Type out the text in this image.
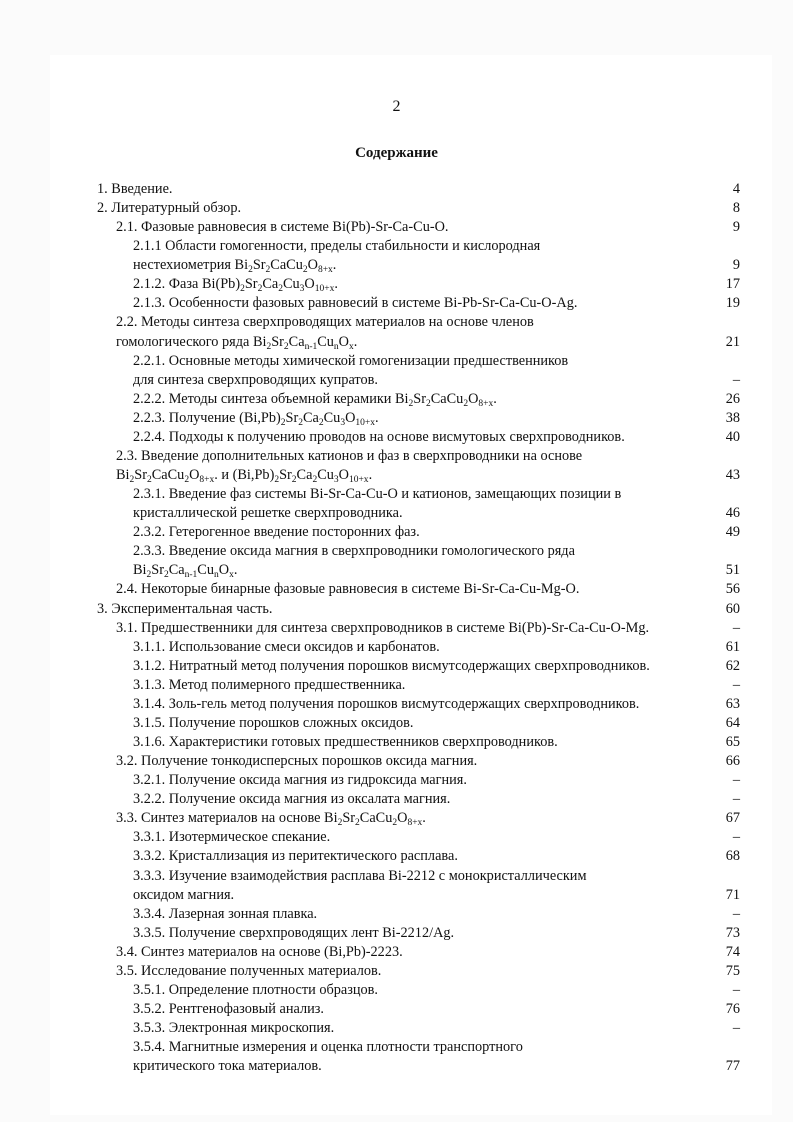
2
Содержание
1. Введение.	4
2. Литературный обзор.	8
2.1. Фазовые равновесия в системе Bi(Pb)-Sr-Ca-Cu-O.	9
2.1.1 Области гомогенности, пределы стабильности и кислородная
нестехиометрия $Bi_2Sr_2CaCu_2O_{8+x}$.	9
2.1.2. Фаза $Bi(Pb)_2Sr_2Ca_2Cu_3O_{10+x}$.	17
2.1.3. Особенности фазовых равновесий в системе Bi-Pb-Sr-Ca-Cu-O-Ag.	19
2.2. Методы синтеза сверхпроводящих материалов на основе членов
гомологического ряда $Bi_2Sr_2Ca_{n-1}Cu_nO_x$.	21
2.2.1. Основные методы химической гомогенизации предшественников
для синтеза сверхпроводящих купратов.	–
2.2.2. Методы синтеза объемной керамики $Bi_2Sr_2CaCu_2O_{8+x}$.	26
2.2.3. Получение $(Bi,Pb)_2Sr_2Ca_2Cu_3O_{10+x}$.	38
2.2.4. Подходы к получению проводов на основе висмутовых сверхпроводников.	40
2.3. Введение дополнительных катионов и фаз в сверхпроводники на основе
$Bi_2Sr_2CaCu_2O_{8+x}$. и $(Bi,Pb)_2Sr_2Ca_2Cu_3O_{10+x}$.	43
2.3.1. Введение фаз системы Bi-Sr-Ca-Cu-O и катионов, замещающих позиции в
кристаллической решетке сверхпроводника.	46
2.3.2. Гетерогенное введение посторонних фаз.	49
2.3.3. Введение оксида магния в сверхпроводники гомологического ряда
$Bi_2Sr_2Ca_{n-1}Cu_nO_x$.	51
2.4. Некоторые бинарные фазовые равновесия в системе Bi-Sr-Ca-Cu-Mg-O.	56
3. Экспериментальная часть.	60
3.1. Предшественники для синтеза сверхпроводников в системе Bi(Pb)-Sr-Ca-Cu-O-Mg.	–
3.1.1. Использование смеси оксидов и карбонатов.	61
3.1.2. Нитратный метод получения порошков висмутсодержащих сверхпроводников.	62
3.1.3. Метод полимерного предшественника.	–
3.1.4. Золь-гель метод получения порошков висмутсодержащих сверхпроводников.	63
3.1.5. Получение порошков сложных оксидов.	64
3.1.6. Характеристики готовых предшественников сверхпроводников.	65
3.2. Получение тонкодисперсных порошков оксида магния.	66
3.2.1. Получение оксида магния из гидроксида магния.	–
3.2.2. Получение оксида магния из оксалата магния.	–
3.3. Синтез материалов на основе $Bi_2Sr_2CaCu_2O_{8+x}$.	67
3.3.1. Изотермическое спекание.	–
3.3.2. Кристаллизация из перитектического расплава.	68
3.3.3. Изучение взаимодействия расплава Bi-2212 с монокристаллическим
оксидом магния.	71
3.3.4. Лазерная зонная плавка.	–
3.3.5. Получение сверхпроводящих лент Bi-2212/Ag.	73
3.4. Синтез материалов на основе (Bi,Pb)-2223.	74
3.5. Исследование полученных материалов.	75
3.5.1. Определение плотности образцов.	–
3.5.2. Рентгенофазовый анализ.	76
3.5.3. Электронная микроскопия.	–
3.5.4. Магнитные измерения и оценка плотности транспортного
критического тока материалов.	77
